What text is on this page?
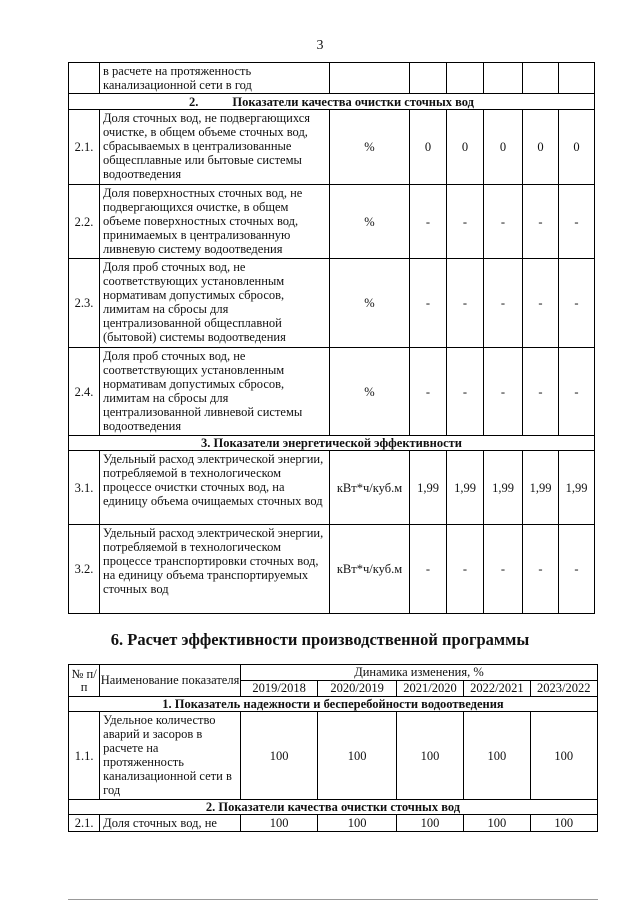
3
	в расчете на протяженность канализационной сети в год						
2. Показатели качества очистки сточных вод							
2.1.	Доля сточных вод, не подвергающихся очистке, в общем объеме сточных вод, сбрасываемых в централизованные общесплавные или бытовые системы водоотведения	%	0	0	0	0	0
2.2.	Доля поверхностных сточных вод, не подвергающихся очистке, в общем объеме поверхностных сточных вод, принимаемых в централизованную ливневую систему водоотведения	%	-	-	-	-	-
2.3.	Доля проб сточных вод, не соответствующих установленным нормативам допустимых сбросов, лимитам на сбросы для централизованной общесплавной (бытовой) системы водоотведения	%	-	-	-	-	-
2.4.	Доля проб сточных вод, не соответствующих установленным нормативам допустимых сбросов, лимитам на сбросы для централизованной ливневой системы водоотведения	%	-	-	-	-	-
3. Показатели энергетической эффективности							
3.1.	Удельный расход электрической энергии, потребляемой в технологическом процессе очистки сточных вод, на единицу объема очищаемых сточных вод	кВт*ч/куб.м	1,99	1,99	1,99	1,99	1,99
3.2.	Удельный расход электрической энергии, потребляемой в технологическом процессе транспортировки сточных вод, на единицу объема транспортируемых сточных вод	кВт*ч/куб.м	-	-	-	-	-
6. Расчет эффективности производственной программы
№ п/п	Наименование показателя	Динамика изменения, %				
		2019/2018	2020/2019	2021/2020	2022/2021	2023/2022
1. Показатель надежности и бесперебойности водоотведения						
1.1.	Удельное количество аварий и засоров в расчете на протяженность канализационной сети в год	100	100	100	100	100
2. Показатели качества очистки сточных вод						
2.1.	Доля сточных вод, не	100	100	100	100	100
